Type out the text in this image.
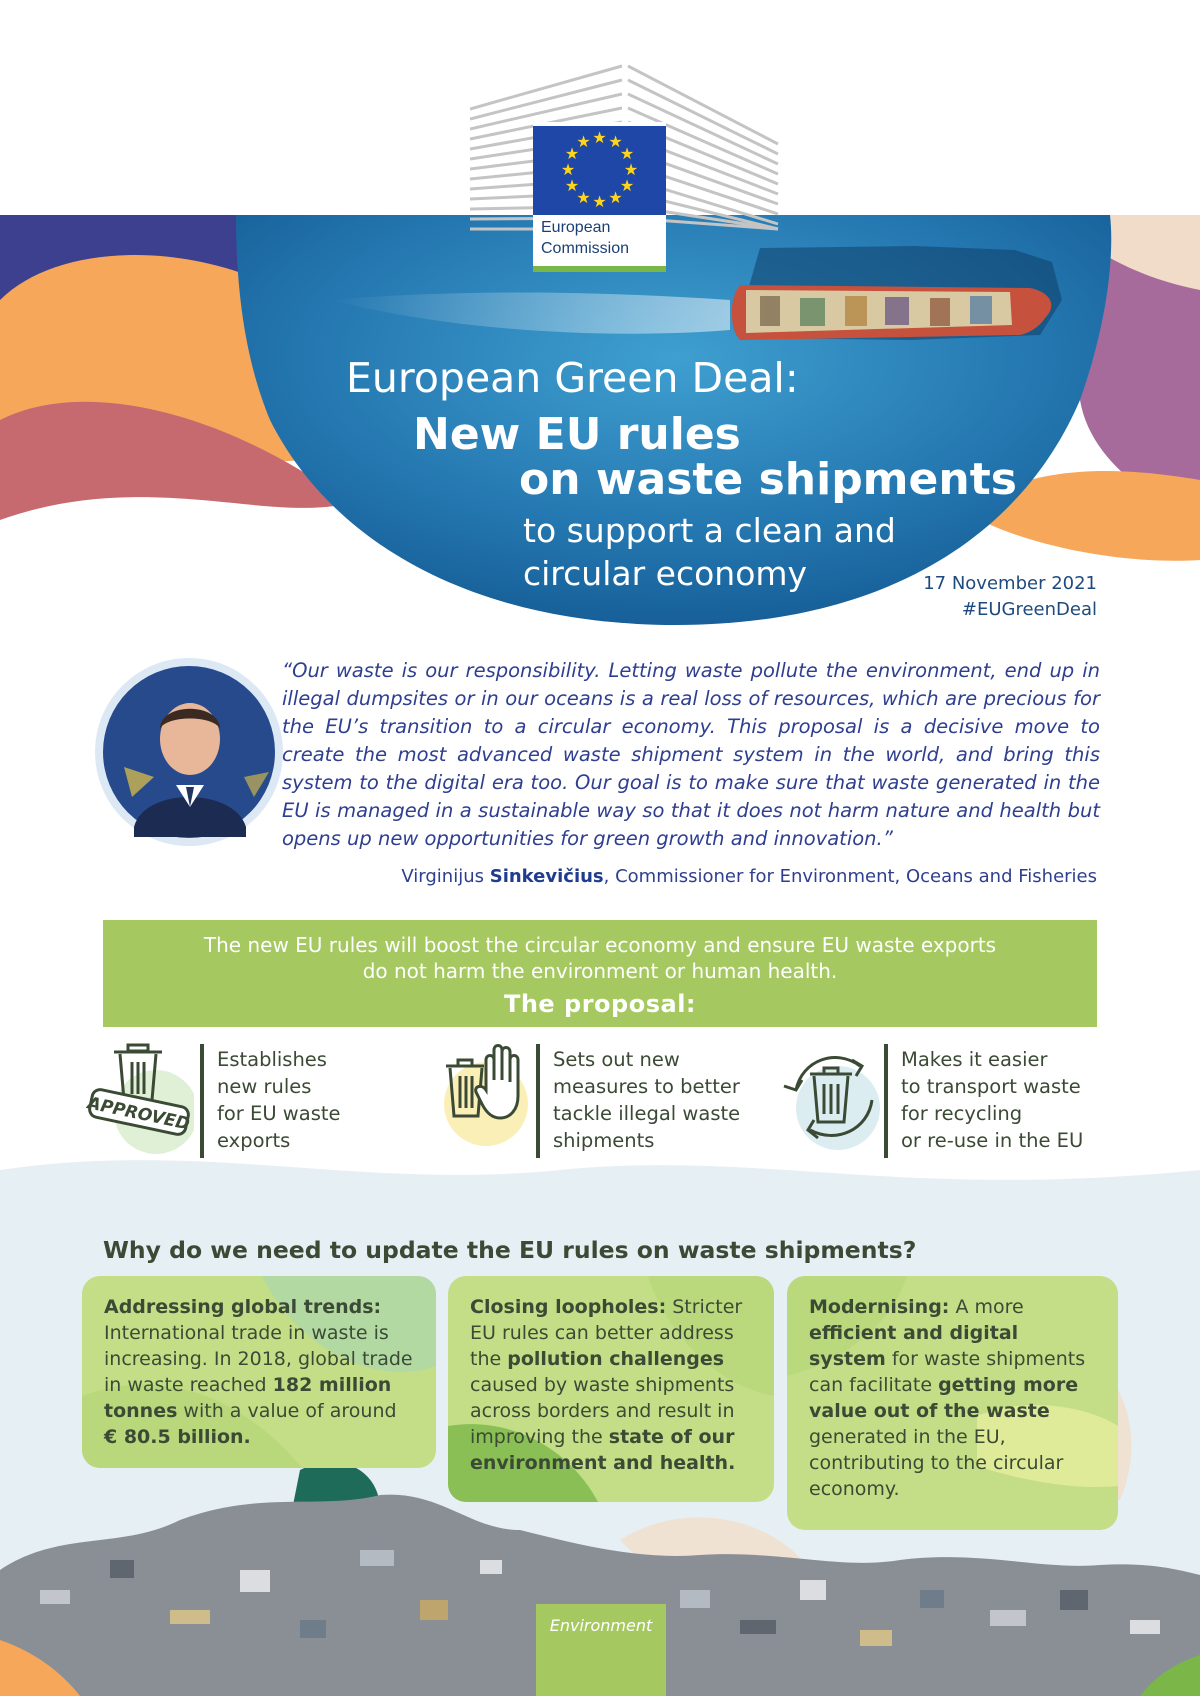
★ ★
★
★
★
★
★
★
★
★
★
★
European
Commission
European Green Deal:
New EU rules
on waste shipments
to support a clean and
circular economy	17 November 2021
#EUGreenDeal
“Our waste is our responsibility. Letting waste pollute the environment, end up in illegal dumpsites or in our oceans is a real loss of resources, which are precious for the EU’s transition to a circular economy. This proposal is a decisive move to create the most advanced waste shipment system in the world, and bring this system to the digital era too. Our goal is to make sure that waste generated in the EU is managed in a sustainable way so that it does not harm nature and health but opens up new opportunities for green growth and innovation.”
Virginijus Sinkevičius, Commissioner for Environment, Oceans and Fisheries
The new EU rules will boost the circular economy and ensure EU waste exports
do not harm the environment or human health.
The proposal:
APPROVED
Establishes
new rules
for EU waste
exports
Sets out new
measures to better
tackle illegal waste
shipments
Makes it easier
to transport waste
for recycling
or re-use in the EU
Why do we need to update the EU rules on waste shipments?
Addressing global trends:
International trade in waste is increasing. In 2018, global trade in waste reached 182 million tonnes with a value of around € 80.5 billion.
Closing loopholes: Stricter EU rules can better address the pollution challenges caused by waste shipments across borders and result in improving the state of our environment and health.
Modernising: A more efficient and digital system for waste shipments can facilitate getting more value out of the waste generated in the EU, contributing to the circular economy.
Environment
